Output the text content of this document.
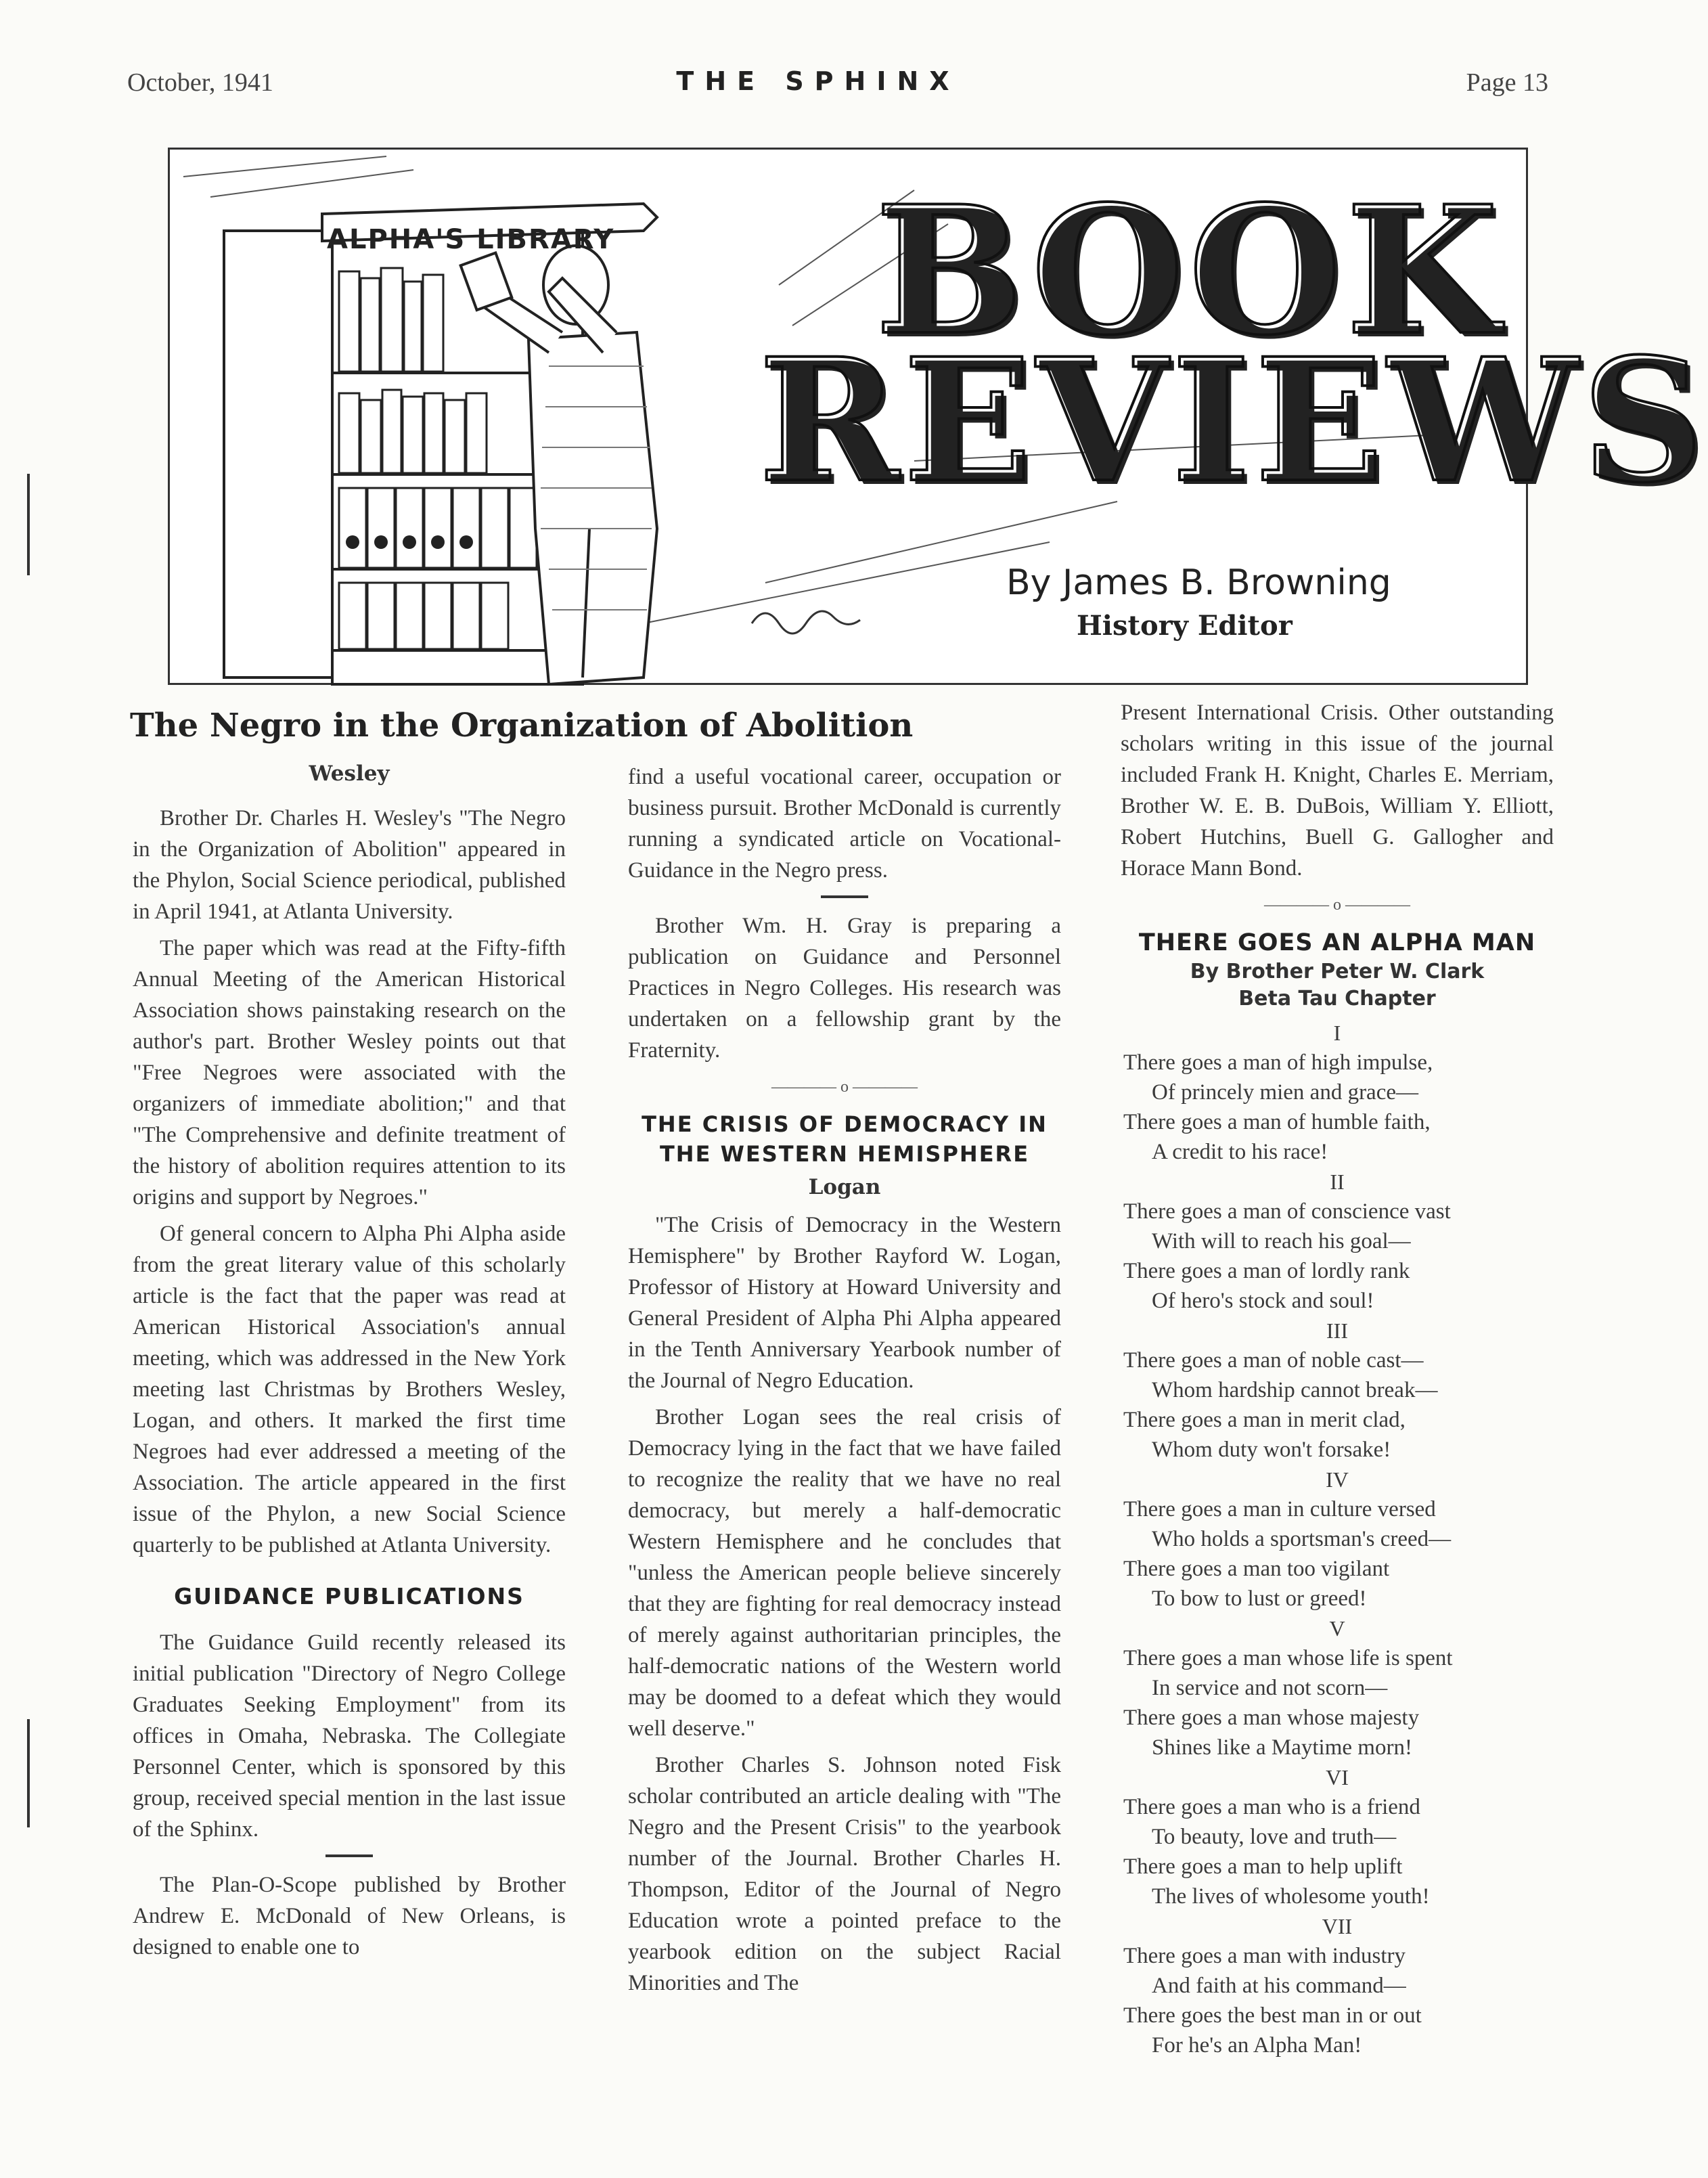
October, 1941	THE SPHINX	Page 13
ALPHA'S LIBRARY BOOK
REVIEWS
By James B. Browning
History Editor
The Negro in the Organization of Abolition
Wesley

Brother Dr. Charles H. Wesley's "The Negro in the Organization of Abolition" appeared in the Phylon, Social Science periodical, published in April 1941, at Atlanta University.

The paper which was read at the Fifty-fifth Annual Meeting of the American Historical Association shows painstaking research on the author's part. Brother Wesley points out that "Free Negroes were associated with the organizers of immediate abolition;" and that "The Comprehensive and definite treatment of the history of abolition requires attention to its origins and support by Negroes."

Of general concern to Alpha Phi Alpha aside from the great literary value of this scholarly article is the fact that the paper was read at American Historical Association's annual meeting, which was addressed in the New York meeting last Christmas by Brothers Wesley, Logan, and others. It marked the first time Negroes had ever addressed a meeting of the Association. The article appeared in the first issue of the Phylon, a new Social Science quarterly to be published at Atlanta University.

GUIDANCE PUBLICATIONS

The Guidance Guild recently released its initial publication "Directory of Negro College Graduates Seeking Employment" from its offices in Omaha, Nebraska. The Collegiate Personnel Center, which is sponsored by this group, received special mention in the last issue of the Sphinx.

The Plan-O-Scope published by Brother Andrew E. McDonald of New Orleans, is designed to enable one to

find a useful vocational career, occupation or business pursuit. Brother McDonald is currently running a syndicated article on Vocational-Guidance in the Negro press.

Brother Wm. H. Gray is preparing a publication on Guidance and Personnel Practices in Negro Colleges. His research was undertaken on a fellowship grant by the Fraternity.

———— o ————
THE CRISIS OF DEMOCRACY IN THE WESTERN HEMISPHERE
Logan

"The Crisis of Democracy in the Western Hemisphere" by Brother Rayford W. Logan, Professor of History at Howard University and General President of Alpha Phi Alpha appeared in the Tenth Anniversary Yearbook number of the Journal of Negro Education.

Brother Logan sees the real crisis of Democracy lying in the fact that we have failed to recognize the reality that we have no real democracy, but merely a half-democratic Western Hemisphere and he concludes that "unless the American people believe sincerely that they are fighting for real democracy instead of merely against authoritarian principles, the half-democratic nations of the Western world may be doomed to a defeat which they would well deserve."

Brother Charles S. Johnson noted Fisk scholar contributed an article dealing with "The Negro and the Present Crisis" to the yearbook number of the Journal. Brother Charles H. Thompson, Editor of the Journal of Negro Education wrote a pointed preface to the yearbook edition on the subject Racial Minorities and The

Present International Crisis. Other outstanding scholars writing in this issue of the journal included Frank H. Knight, Charles E. Merriam, Brother W. E. B. DuBois, William Y. Elliott, Robert Hutchins, Buell G. Gallogher and Horace Mann Bond.

———— o ————
THERE GOES AN ALPHA MAN
By Brother Peter W. Clark
Beta Tau Chapter
I
There goes a man of high impulse,
Of princely mien and grace—
There goes a man of humble faith,
A credit to his race!
II
There goes a man of conscience vast
With will to reach his goal—
There goes a man of lordly rank
Of hero's stock and soul!
III
There goes a man of noble cast—
Whom hardship cannot break—
There goes a man in merit clad,
Whom duty won't forsake!
IV
There goes a man in culture versed
Who holds a sportsman's creed—
There goes a man too vigilant
To bow to lust or greed!
V
There goes a man whose life is spent
In service and not scorn—
There goes a man whose majesty
Shines like a Maytime morn!
VI
There goes a man who is a friend
To beauty, love and truth—
There goes a man to help uplift
The lives of wholesome youth!
VII
There goes a man with industry
And faith at his command—
There goes the best man in or out
For he's an Alpha Man!
